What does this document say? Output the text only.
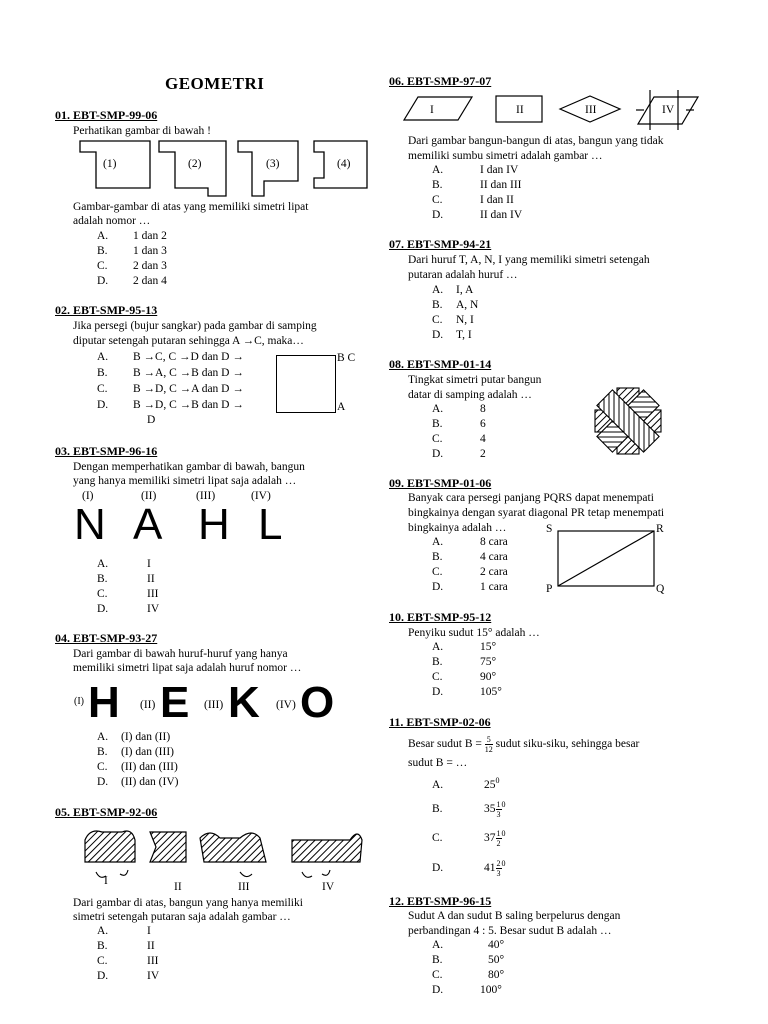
GEOMETRI
01. EBT-SMP-99-06
Perhatikan gambar di bawah !
(1)	(2)	(3)	(4)
Gambar-gambar di atas yang memiliki simetri lipat
adalah nomor …
A. 1 dan 2
B. 1 dan 3
C. 2 dan 3
D. 2 dan 4
02. EBT-SMP-95-13
Jika persegi (bujur sangkar) pada gambar di samping
diputar setengah putaran sehingga A →C, maka…
A. B →C, C →D dan D →
B. B →A, C →B dan D →
C. B →D, C →A dan D →
D. B →D, C →B dan D →
D
B C
A
03. EBT-SMP-96-16
Dengan memperhatikan gambar di bawah, bangun
yang hanya memiliki simetri lipat saja adalah …
(I)	(II)	(III)	(IV)
N A H L
A.	I
B.	II
C.	III
D.	IV
04. EBT-SMP-93-27
Dari gambar di bawah huruf-huruf yang hanya
memiliki simetri lipat saja adalah huruf nomor …
(I) H (II) E (III) K (IV) O
A. (I) dan (II)
B. (I) dan (III)
C. (II) dan (III)
D. (II) dan (IV)
05. EBT-SMP-92-06
I	II	III	IV
Dari gambar di atas, bangun yang hanya memiliki
simetri setengah putaran saja adalah gambar …
A.	I
B.	II
C.	III
D.	IV
06. EBT-SMP-97-07
I	II	III	IV
Dari gambar bangun-bangun di atas, bangun yang tidak
memiliki sumbu simetri adalah gambar …
A.	I dan IV
B.	II dan III
C.	I dan II
D.	II dan IV
07. EBT-SMP-94-21
Dari huruf T, A, N, I yang memiliki simetri setengah
putaran adalah huruf …
A. I, A
B. A, N
C. N, I
D. T, I
08. EBT-SMP-01-14
Tingkat simetri putar bangun
datar di samping adalah …
A.	8
B.	6
C.	4
D.	2
09. EBT-SMP-01-06
Banyak cara persegi panjang PQRS dapat menempati
bingkainya dengan syarat diagonal PR tetap menempati
bingkainya adalah …
A.	8 cara
B.	4 cara
C.	2 cara
D.	1 cara
S	R
P	Q
10. EBT-SMP-95-12
Penyiku sudut 15° adalah …
A.	15°
B.	75°
C.	90°
D.	105°
11. EBT-SMP-02-06
Besar sudut $B = \frac{5}{12}$ sudut siku-siku, sehingga besar
sudut B = …
A.	$25^0$
B.	$35 \frac{1}{3} ^0$
C.	$37 \frac{1}{2} ^0$
D.	$41 \frac{2}{3} ^0$
12. EBT-SMP-96-15
Sudut A dan sudut B saling berpelurus dengan
perbandingan 4 : 5. Besar sudut B adalah …
A.	40°
B.	50°
C.	80°
D.	100°
